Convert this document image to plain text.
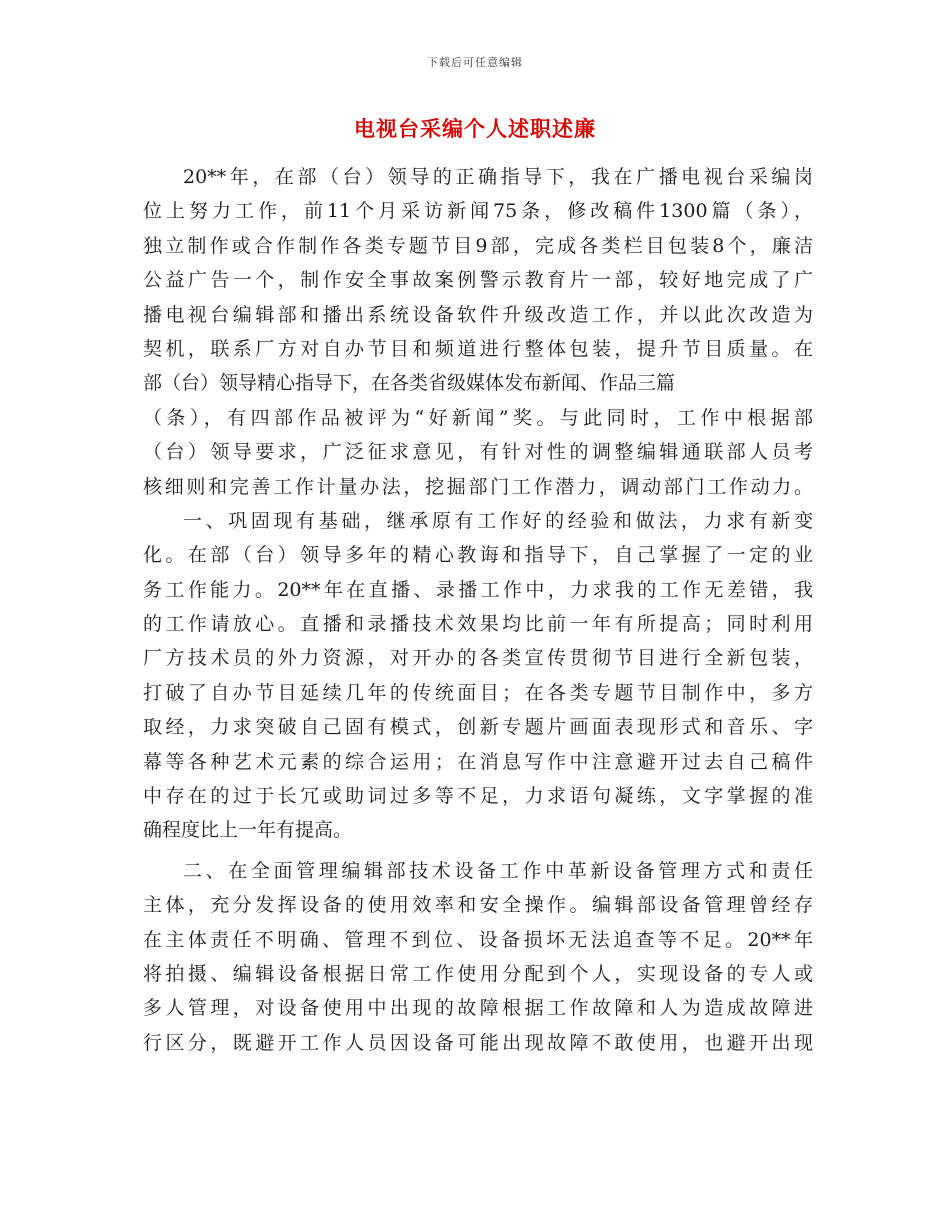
下载后可任意编辑
电视台采编个人述职述廉
20**年，在部（台）领导的正确指导下，我在广播电视台采编岗
位上努力工作，前11个月采访新闻75条，修改稿件1300篇（条），
独立制作或合作制作各类专题节目9部，完成各类栏目包装8个，廉洁
公益广告一个，制作安全事故案例警示教育片一部，较好地完成了广
播电视台编辑部和播出系统设备软件升级改造工作，并以此次改造为
契机，联系厂方对自办节目和频道进行整体包装，提升节目质量。在
部（台）领导精心指导下，在各类省级媒体发布新闻、作品三篇
（条），有四部作品被评为“好新闻”奖。与此同时，工作中根据部
（台）领导要求，广泛征求意见，有针对性的调整编辑通联部人员考
核细则和完善工作计量办法，挖掘部门工作潜力，调动部门工作动力。
一、巩固现有基础，继承原有工作好的经验和做法，力求有新变
化。在部（台）领导多年的精心教诲和指导下，自己掌握了一定的业
务工作能力。20**年在直播、录播工作中，力求我的工作无差错，我
的工作请放心。直播和录播技术效果均比前一年有所提高；同时利用
厂方技术员的外力资源，对开办的各类宣传贯彻节目进行全新包装，
打破了自办节目延续几年的传统面目；在各类专题节目制作中，多方
取经，力求突破自己固有模式，创新专题片画面表现形式和音乐、字
幕等各种艺术元素的综合运用；在消息写作中注意避开过去自己稿件
中存在的过于长冗或助词过多等不足，力求语句凝练，文字掌握的准
确程度比上一年有提高。
二、在全面管理编辑部技术设备工作中革新设备管理方式和责任
主体，充分发挥设备的使用效率和安全操作。编辑部设备管理曾经存
在主体责任不明确、管理不到位、设备损坏无法追查等不足。20**年
将拍摄、编辑设备根据日常工作使用分配到个人，实现设备的专人或
多人管理，对设备使用中出现的故障根据工作故障和人为造成故障进
行区分，既避开工作人员因设备可能出现故障不敢使用，也避开出现
